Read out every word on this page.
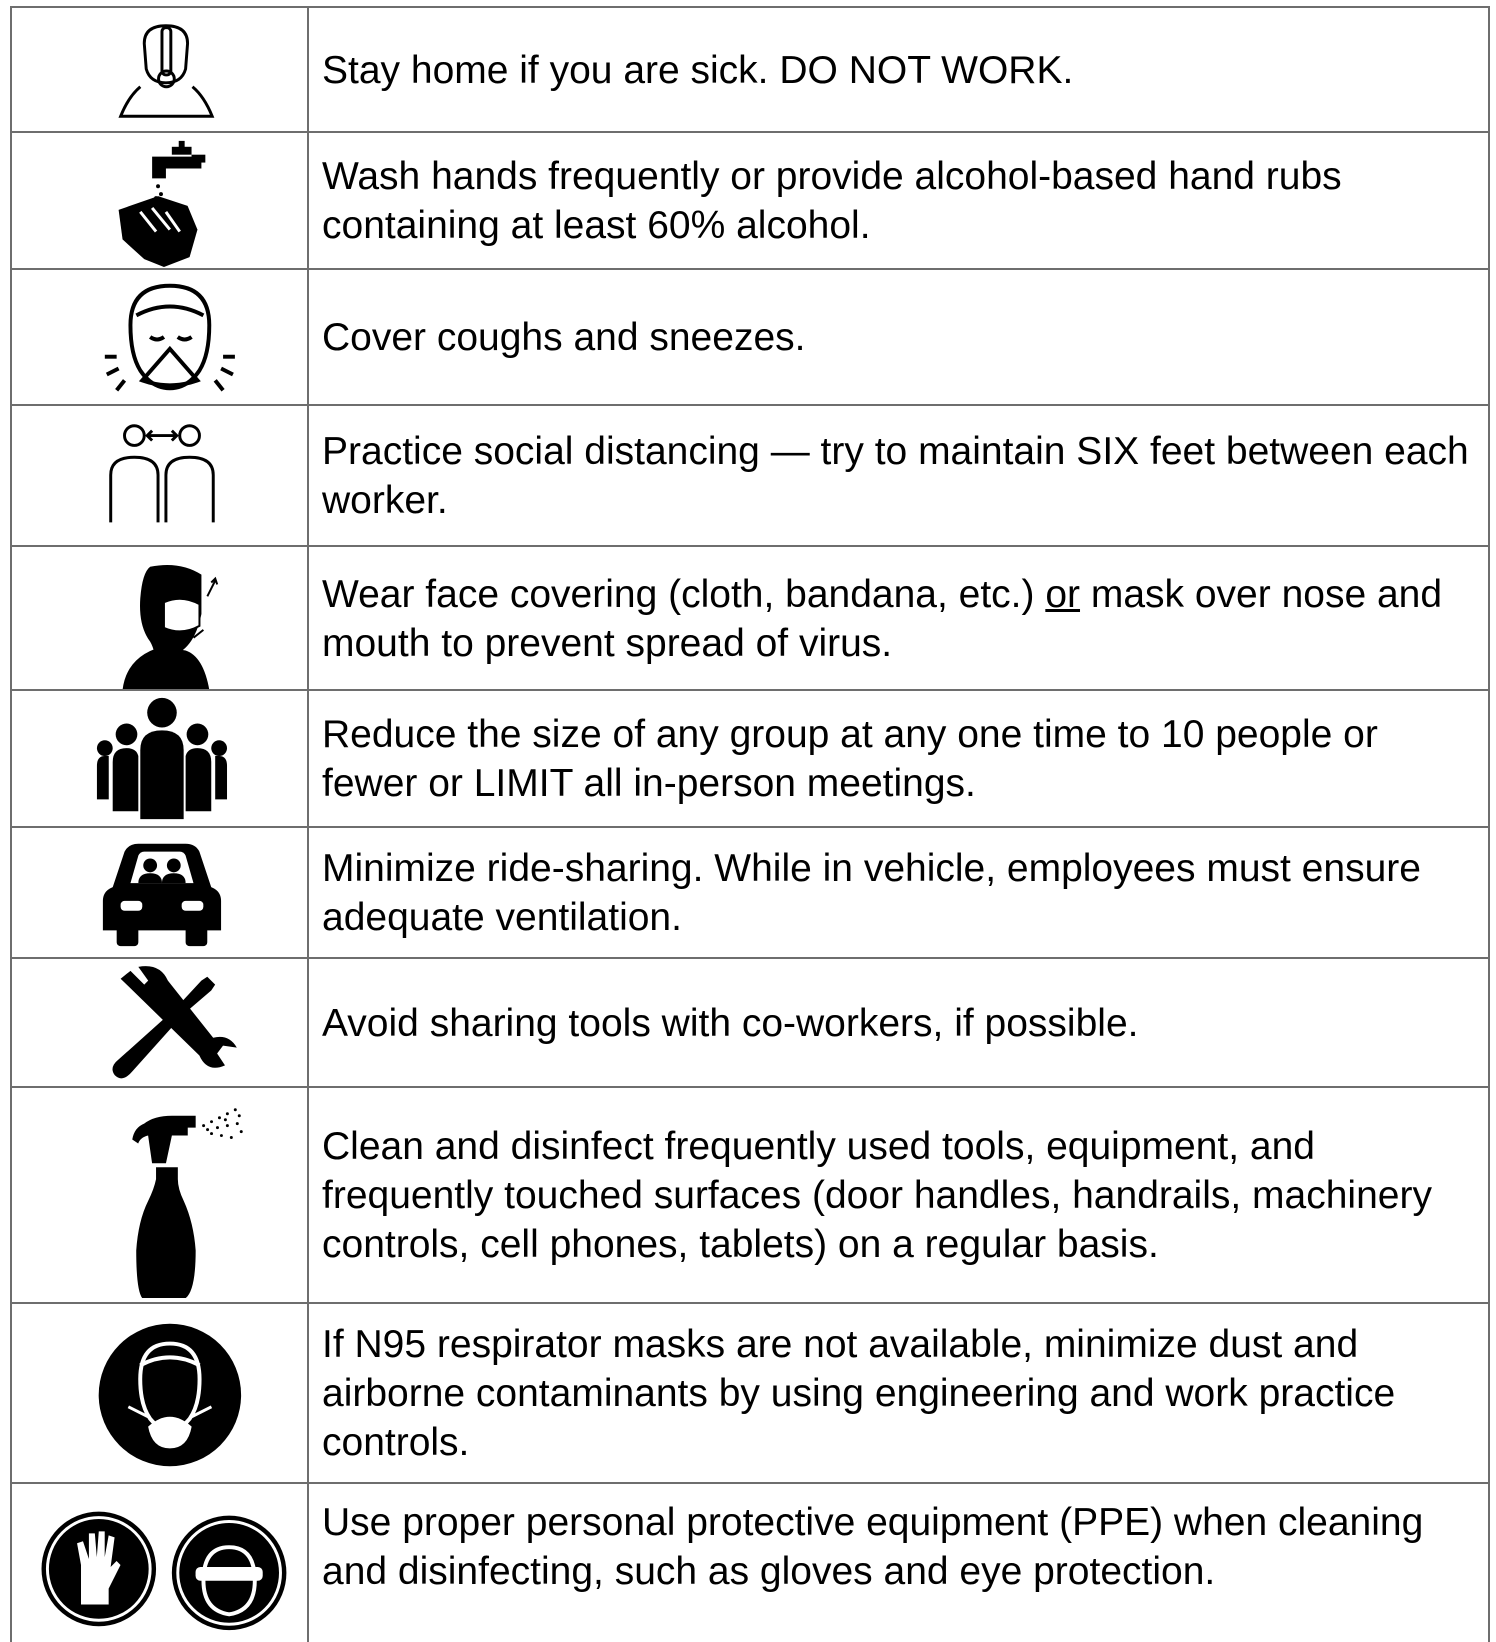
Stay home if you are sick. DO NOT WORK.

Wash hands frequently or provide alcohol-based hand rubs containing at least 60% alcohol.

Cover coughs and sneezes.

Practice social distancing — try to maintain SIX feet between each worker.

Wear face covering (cloth, bandana, etc.) or mask over nose and mouth to prevent spread of virus.

Reduce the size of any group at any one time to 10 people or fewer or LIMIT all in-person meetings.

Minimize ride-sharing. While in vehicle, employees must ensure adequate ventilation.

Avoid sharing tools with co-workers, if possible.

Clean and disinfect frequently used tools, equipment, and frequently touched surfaces (door handles, handrails, machinery controls, cell phones, tablets) on a regular basis.

If N95 respirator masks are not available, minimize dust and airborne contaminants by using engineering and work practice controls.

Use proper personal protective equipment (PPE) when cleaning and disinfecting, such as gloves and eye protection.
